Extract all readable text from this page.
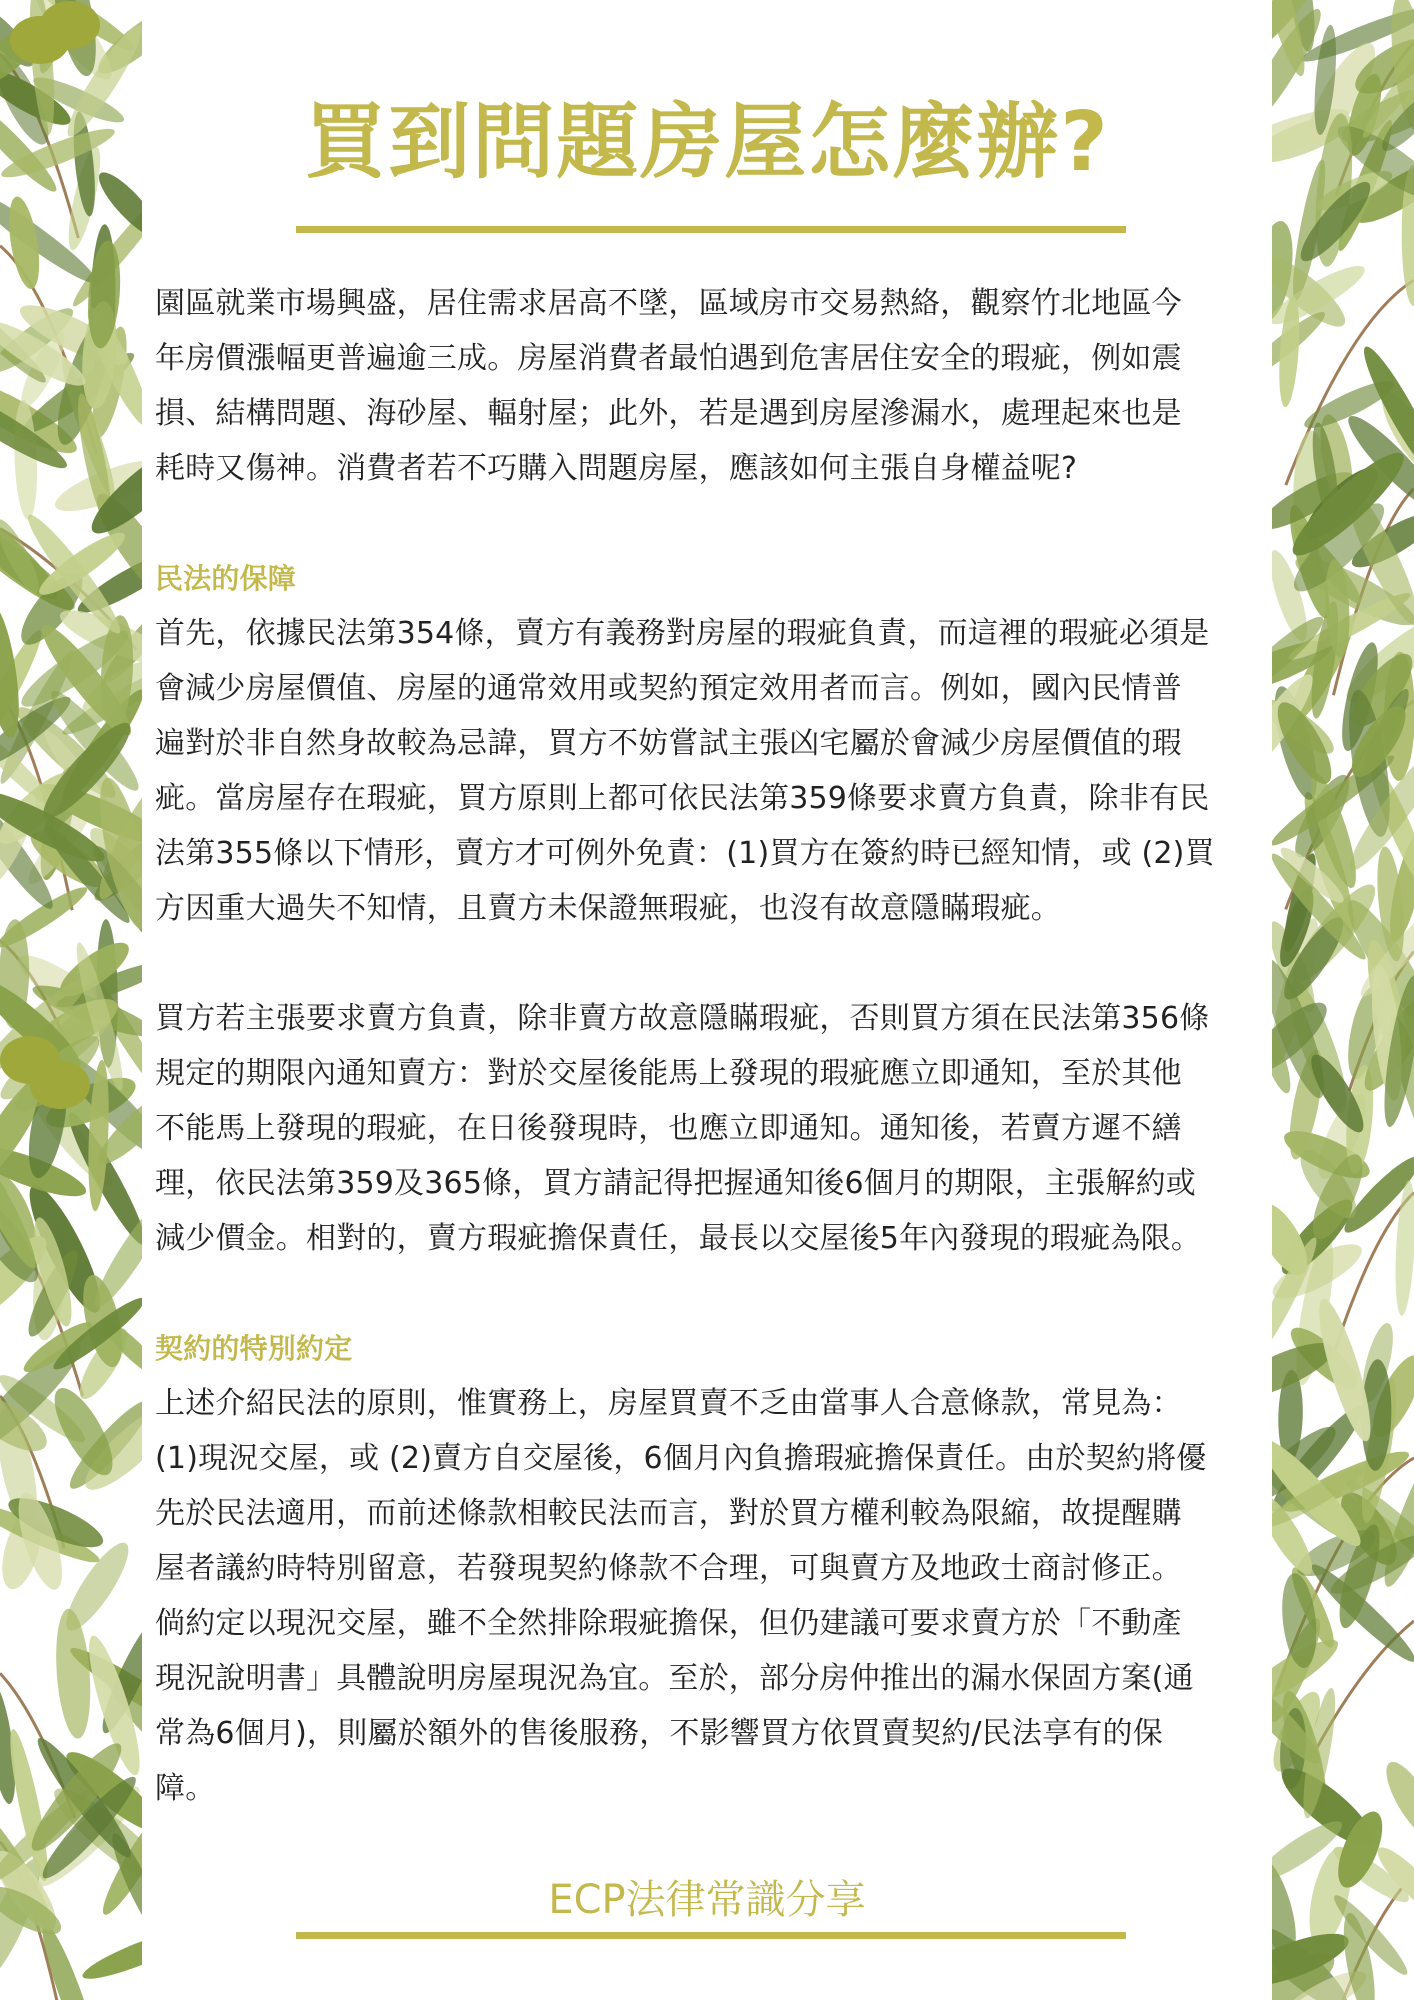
買到問題房屋怎麼辦?

園區就業市場興盛，居住需求居高不墜，區域房市交易熱絡，觀察竹北地區今
年房價漲幅更普遍逾三成。房屋消費者最怕遇到危害居住安全的瑕疵，例如震
損、結構問題、海砂屋、輻射屋；此外，若是遇到房屋滲漏水，處理起來也是
耗時又傷神。消費者若不巧購入問題房屋，應該如何主張自身權益呢?

民法的保障

首先，依據民法第354條，賣方有義務對房屋的瑕疵負責，而這裡的瑕疵必須是
會減少房屋價值、房屋的通常效用或契約預定效用者而言。例如，國內民情普
遍對於非自然身故較為忌諱，買方不妨嘗試主張凶宅屬於會減少房屋價值的瑕
疵。當房屋存在瑕疵，買方原則上都可依民法第359條要求賣方負責，除非有民
法第355條以下情形，賣方才可例外免責：(1)買方在簽約時已經知情，或 (2)買
方因重大過失不知情，且賣方未保證無瑕疵，也沒有故意隱瞞瑕疵。

買方若主張要求賣方負責，除非賣方故意隱瞞瑕疵，否則買方須在民法第356條
規定的期限內通知賣方：對於交屋後能馬上發現的瑕疵應立即通知，至於其他
不能馬上發現的瑕疵，在日後發現時，也應立即通知。通知後，若賣方遲不繕
理，依民法第359及365條，買方請記得把握通知後6個月的期限，主張解約或
減少價金。相對的，賣方瑕疵擔保責任，最長以交屋後5年內發現的瑕疵為限。

契約的特別約定

上述介紹民法的原則，惟實務上，房屋買賣不乏由當事人合意條款，常見為：
(1)現況交屋，或 (2)賣方自交屋後，6個月內負擔瑕疵擔保責任。由於契約將優
先於民法適用，而前述條款相較民法而言，對於買方權利較為限縮，故提醒購
屋者議約時特別留意，若發現契約條款不合理，可與賣方及地政士商討修正。
倘約定以現況交屋，雖不全然排除瑕疵擔保，但仍建議可要求賣方於「不動產
現況說明書」具體說明房屋現況為宜。至於，部分房仲推出的漏水保固方案(通
常為6個月)，則屬於額外的售後服務，不影響買方依買賣契約/民法享有的保
障。

ECP法律常識分享
